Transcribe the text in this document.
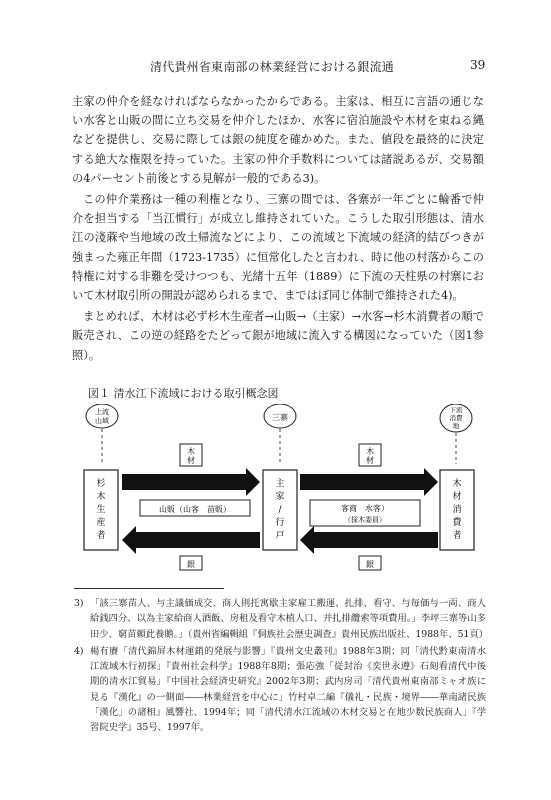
清代貴州省東南部の林業経営における銀流通	39

主家の仲介を経なければならなかったからである。主家は、相互に言語の通じない水客と山販の間に立ち交易を仲介したほか、水客に宿泊施設や木材を束ねる縄などを提供し、交易に際しては銀の純度を確かめた。また、値段を最終的に決定する絶大な権限を持っていた。主家の仲介手数料については諸説あるが、交易額の4パーセント前後とする見解が一般的である3)。

この仲介業務は一種の利権となり、三寨の間では、各寨が一年ごとに輪番で仲介を担当する「当江慣行」が成立し維持されていた。こうした取引形態は、清水江の淺蔴や当地域の改土帰流などにより、この流域と下流域の経済的結びつきが強まった雍正年間（1723-1735）に恒常化したと言われ、時に他の村落からこの特権に対する非難を受けつつも、光緒十五年（1889）に下流の天柱県の村寨において木材取引所の開設が認められるまで、まではぼ同じ体制で維持された4)。

まとめれば、木材は必ず杉木生産者→山販→（主家）→水客→杉木消費者の順で販売され、この逆の経路をたどって銀が地域に流入する構図になっていた（図1参照）。

図１ 清水江下流域における取引概念図
上流
山域	三寨
下流
消費
地
木
材
木
材
杉
木
生
産
者
主
家
/
行
戸
木
材
消
費
者
山販（山客　苗販）	客商　水客）
（採木委員）
銀	銀
3) 「該三寨苗人、与主議価成交、商人則托寓歇主家雇工搬運、扎排、看守、与毎価与一両、商人給銭四分、以為主家給商人酒飯、房租及看守木植人口、并扎排纜索等項費用。」李坪三寨等山多田少、窮苗頼此養贍。」（貴州省編輯組『侗族社会歴史調査』貴州民族出版社、1988年、51頁）
4) 楊有賡「清代錦屏木材運銷的発展与影響」『貴州文史叢刊』1988年3期；同「清代黔東南清水江流域木行初探」『貴州社会科学』1988年8期；張応強「従封治《奕世永遵》石刻看清代中後期的清水江貿易」『中国社会経済史研究』2002年3期；武内房司「清代貴州東南部ミャオ族に見る『漢化』の一側面――林業経営を中心に」竹村卓二編『儀礼・民族・境界――華南諸民族「漢化」の諸相』風響社、1994年；同「清代清水江流域の木材交易と在地少数民族商人」『学習院史学』35号、1997年。
